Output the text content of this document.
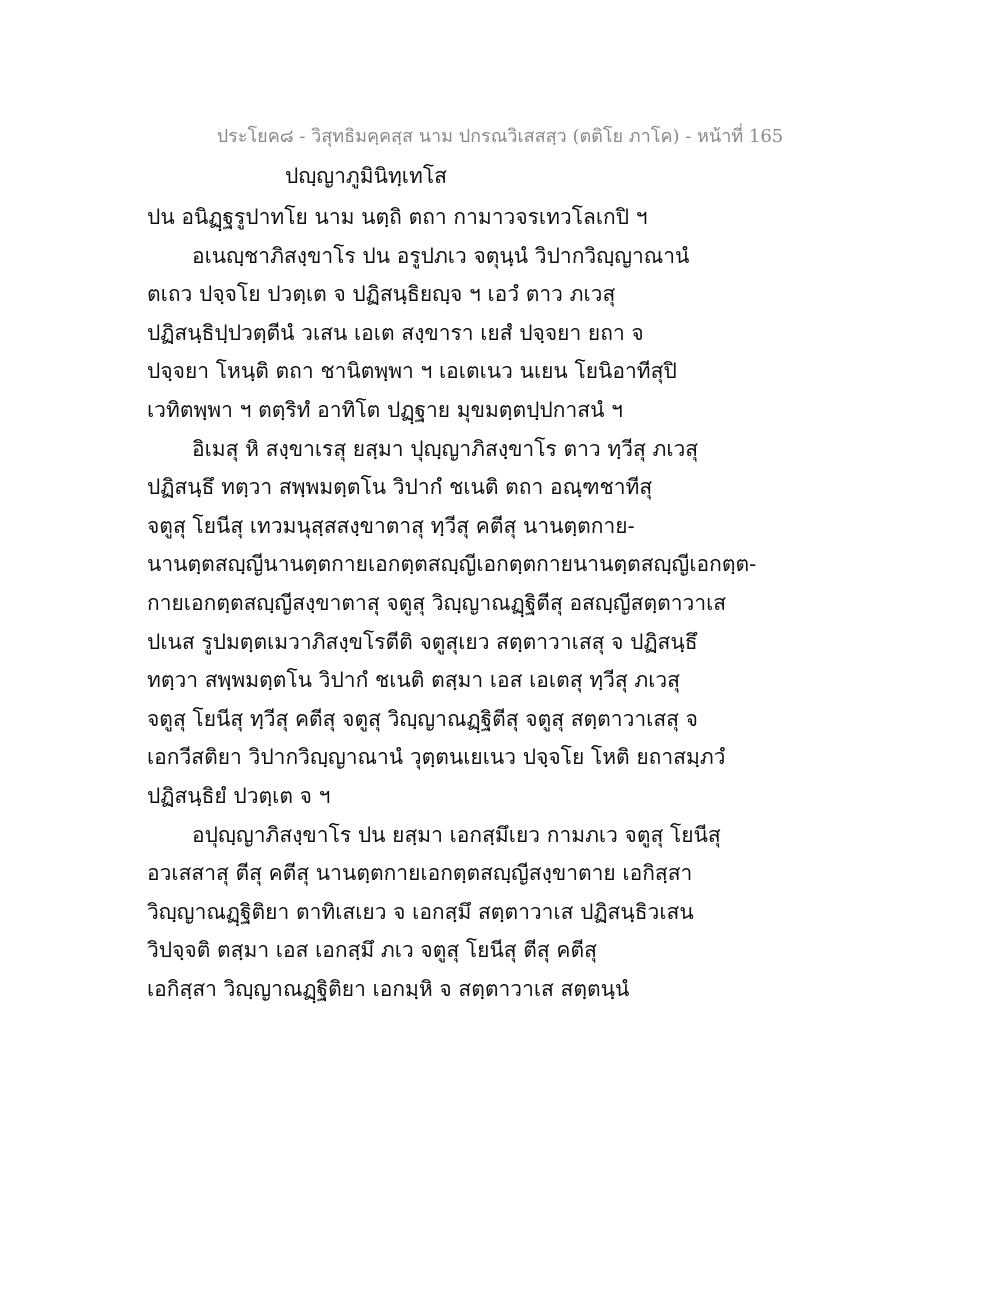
ประโยค๘ - วิสุทธิมคฺคสฺส นาม ปกรณวิเสสสฺว (ตติโย ภาโค) - หน้าที่ 165
ปญฺญาภูมินิทฺเทโส
ปน อนิฏฺฐรูปาทโย นาม นตฺถิ ตถา กามาวจรเทวโลเกปิ ฯ
อเนญฺชาภิสงฺขาโร ปน อรูปภเว จตุนฺนํ วิปากวิญฺญาณานํ
ตเถว ปจฺจโย ปวตฺเต จ ปฏิสนฺธิยญฺจ ฯ เอวํ ตาว ภเวสุ
ปฏิสนฺธิปฺปวตฺตีนํ วเสน เอเต สงฺขารา เยสํ ปจฺจยา ยถา จ
ปจฺจยา โหนฺติ ตถา ชานิตพฺพา ฯ เอเตเนว นเยน โยนิอาทีสุปิ
เวทิตพฺพา ฯ ตตฺริทํ อาทิโต ปฏฺฐาย มุขมตฺตปฺปกาสนํ ฯ
อิเมสุ หิ สงฺขาเรสุ ยสฺมา ปุญฺญาภิสงฺขาโร ตาว ทฺวีสุ ภเวสุ
ปฏิสนฺธึ ทตฺวา สพฺพมตฺตโน วิปากํ ชเนติ ตถา อณฺฑชาทีสุ
จตูสุ โยนีสุ เทวมนุสฺสสงฺขาตาสุ ทฺวีสุ คตีสุ นานตฺตกาย-
นานตฺตสญฺญีนานตฺตกายเอกตฺตสญฺญีเอกตฺตกายนานตฺตสญฺญีเอกตฺต-
กายเอกตฺตสญฺญีสงฺขาตาสุ จตูสุ วิญฺญาณฏฺฐิตีสุ อสญฺญีสตฺตาวาเส
ปเนส รูปมตฺตเมวาภิสงฺขโรตีติ จตูสุเยว สตฺตาวาเสสุ จ ปฏิสนฺธึ
ทตฺวา สพฺพมตฺตโน วิปากํ ชเนติ ตสฺมา เอส เอเตสุ ทฺวีสุ ภเวสุ
จตูสุ โยนีสุ ทฺวีสุ คตีสุ จตูสุ วิญฺญาณฏฺฐิตีสุ จตูสุ สตฺตาวาเสสุ จ
เอกวีสติยา วิปากวิญฺญาณานํ วุตฺตนเยเนว ปจฺจโย โหติ ยถาสมฺภวํ
ปฏิสนฺธิยํ ปวตฺเต จ ฯ
อปุญฺญาภิสงฺขาโร ปน ยสฺมา เอกสฺมึเยว กามภเว จตูสุ โยนีสุ
อวเสสาสุ ตีสุ คตีสุ นานตฺตกายเอกตฺตสญฺญีสงฺขาตาย เอกิสฺสา
วิญฺญาณฏฺฐิติยา ตาทิเสเยว จ เอกสฺมึ สตฺตาวาเส ปฏิสนฺธิวเสน
วิปจฺจติ ตสฺมา เอส เอกสฺมึ ภเว จตูสุ โยนีสุ ตีสุ คตีสุ
เอกิสฺสา วิญฺญาณฏฺฐิติยา เอกมฺหิ จ สตฺตาวาเส สตฺตนฺนํ
